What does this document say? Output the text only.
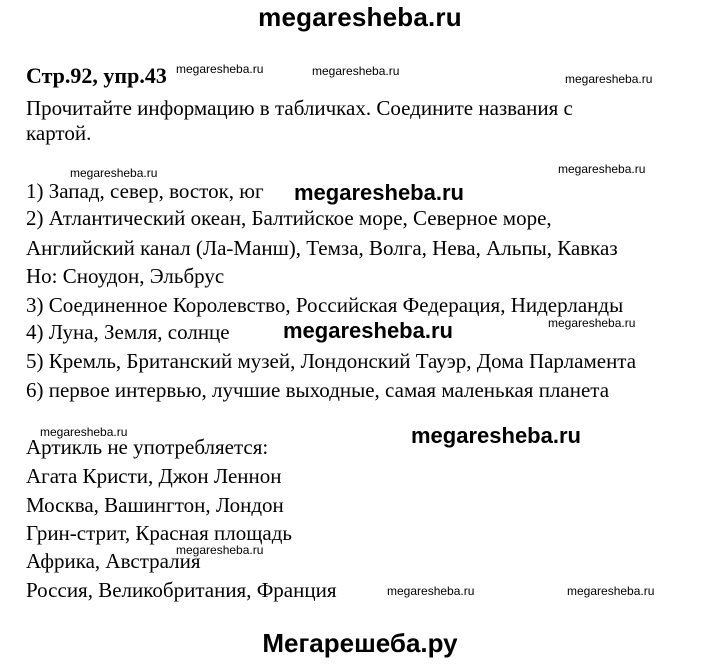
megaresheba.ru
Стр.92, упр.43
Прочитайте информацию в табличках. Соедините названия с
картой.
1) Запад, север, восток, юг
2) Атлантический океан, Балтийское море, Северное море,
Английский канал (Ла-Манш), Темза, Волга, Нева, Альпы, Кавказ
Но: Сноудон, Эльбрус
3) Соединенное Королевство, Российская Федерация, Нидерланды
4) Луна, Земля, солнце
5) Кремль, Британский музей, Лондонский Тауэр, Дома Парламента
6) первое интервью, лучшие выходные, самая маленькая планета
Артикль не употребляется:
Агата Кристи, Джон Леннон
Москва, Вашингтон, Лондон
Грин-стрит, Красная площадь
Африка, Австралия
Россия, Великобритания, Франция
megaresheba.ru	megaresheba.ru
megaresheba.ru
megaresheba.ru	megaresheba.ru
megaresheba.ru
megaresheba.ru
megaresheba.ru
megaresheba.ru	megaresheba.ru
megaresheba.ru
megaresheba.ru
megaresheba.ru
Мегарешеба.ру
